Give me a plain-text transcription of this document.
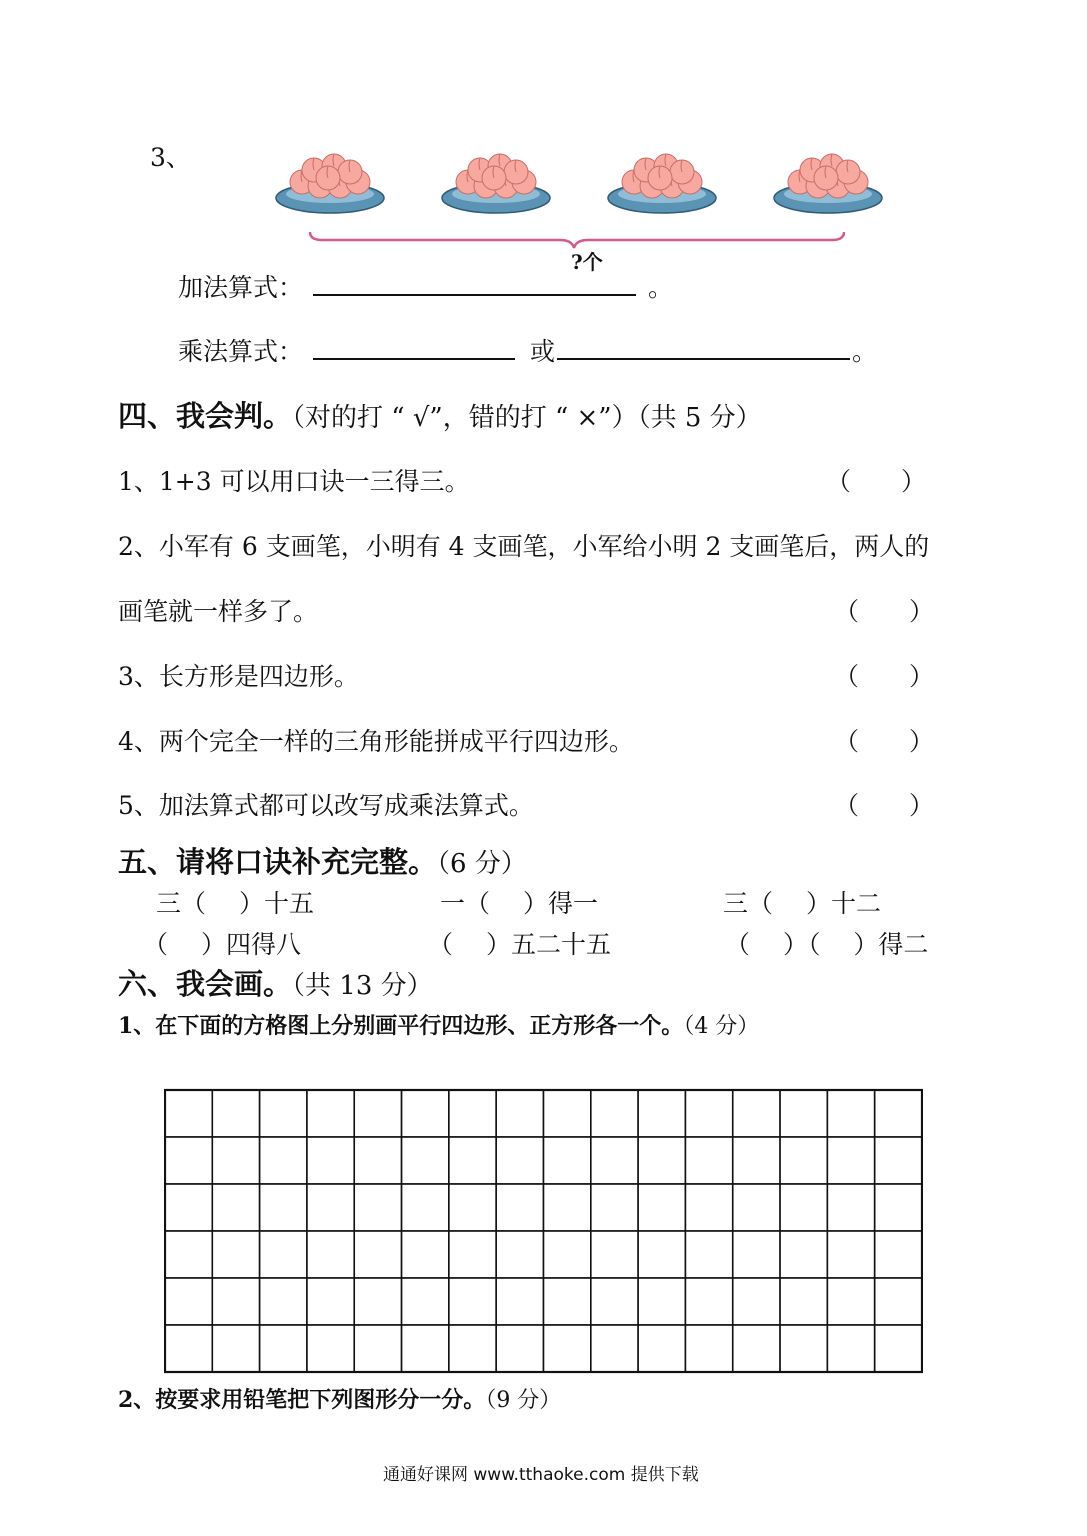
3、
?个
加法算式：	。
乘法算式：	或	。
四、我会判。（对的打 “ √”，错的打 “ ×”）（共 5 分）
1、1+3 可以用口诀一三得三。	（　　）
2、小军有 6 支画笔，小明有 4 支画笔，小军给小明 2 支画笔后，两人的
画笔就一样多了。	（　　）
3、长方形是四边形。	（　　）
4、两个完全一样的三角形能拼成平行四边形。	（　　）
5、加法算式都可以改写成乘法算式。	（　　）
五、请将口诀补充完整。（6 分）
三（　 ）十五	一（　 ）得一	三（　 ）十二
（　 ）四得八	（　 ）五二十五	（　 ）（　 ）得二
六、我会画。（共 13 分）
1、在下面的方格图上分别画平行四边形、正方形各一个。（4 分）
2、按要求用铅笔把下列图形分一分。（9 分）
通通好课网 www.tthaoke.com 提供下载
